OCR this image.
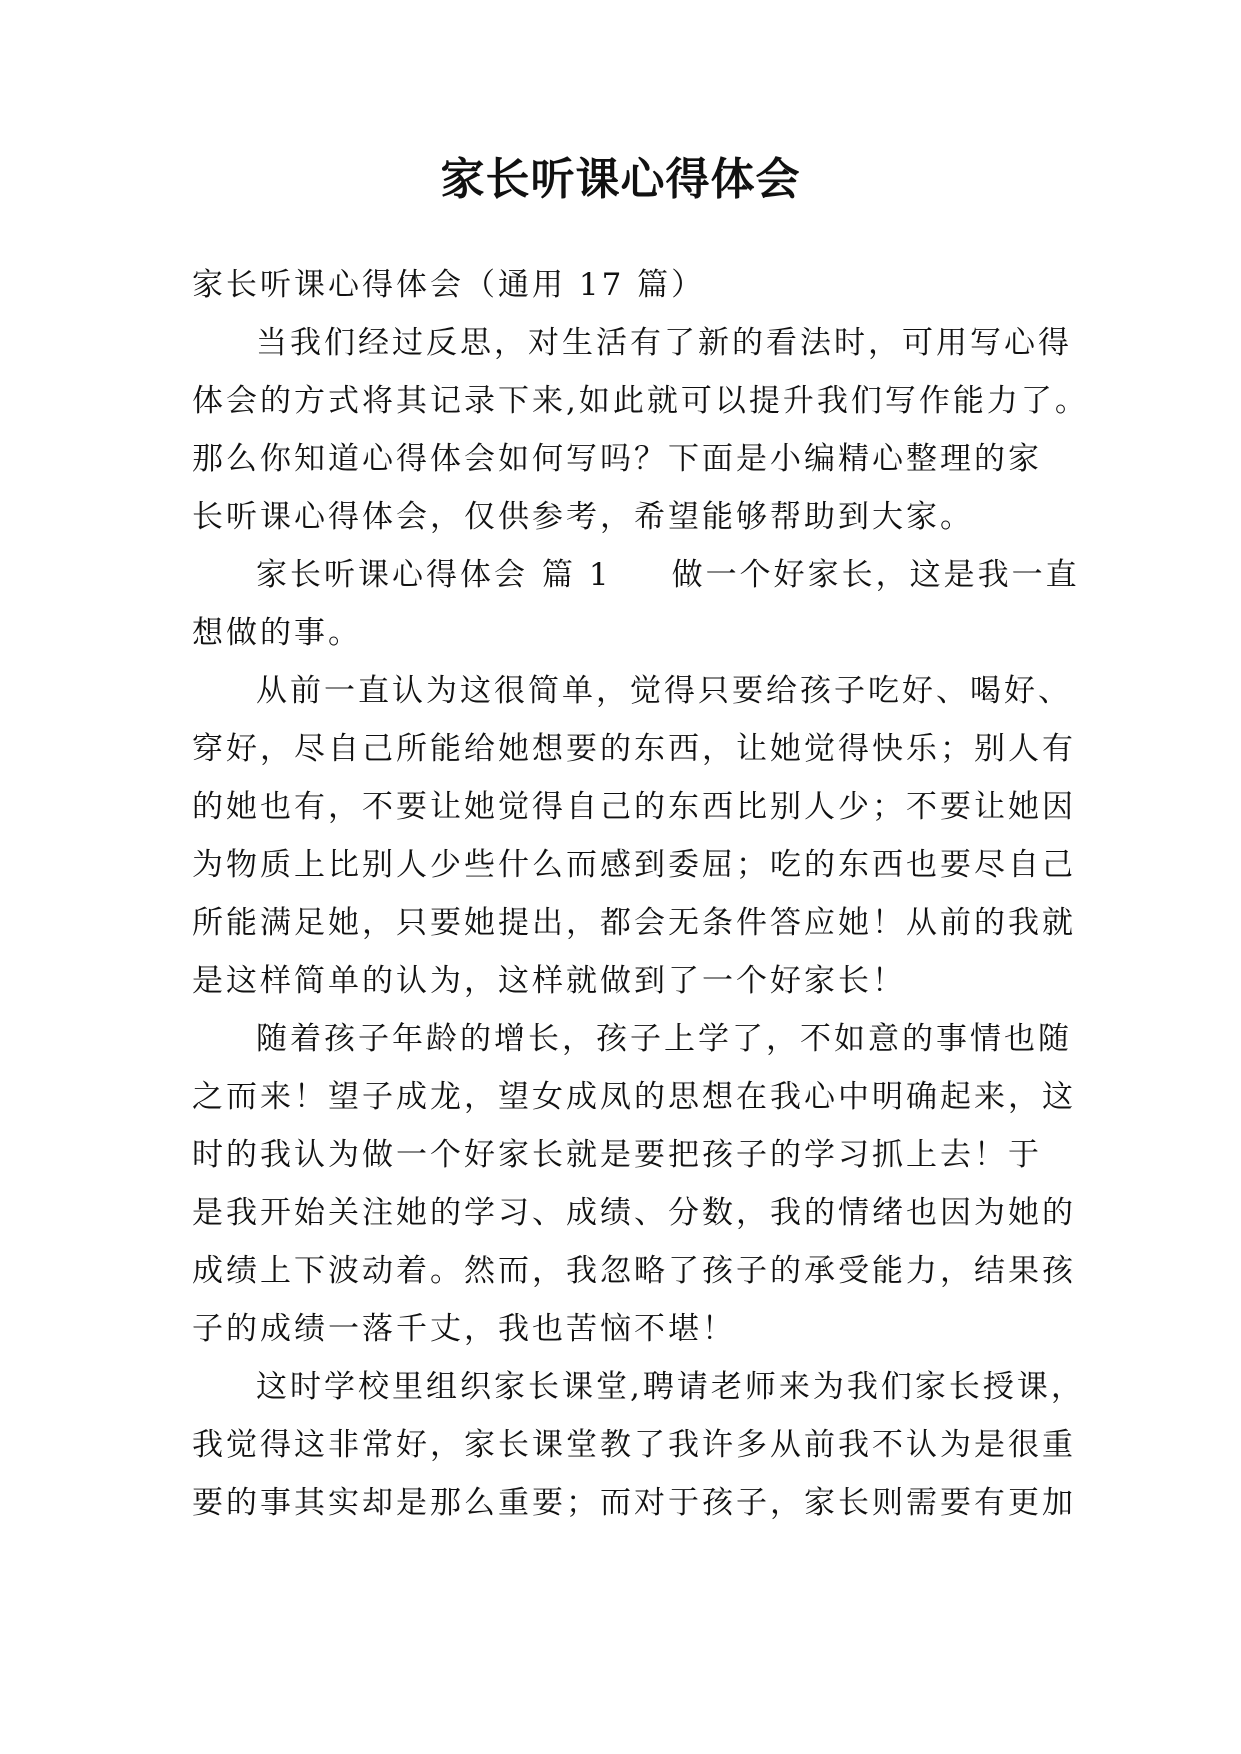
家长听课心得体会
家长听课心得体会（通用 17 篇）
当我们经过反思，对生活有了新的看法时，可用写心得
体会的方式将其记录下来,如此就可以提升我们写作能力了。
那么你知道心得体会如何写吗？下面是小编精心整理的家
长听课心得体会，仅供参考，希望能够帮助到大家。
家长听课心得体会 篇 1 做一个好家长，这是我一直
想做的事。
从前一直认为这很简单，觉得只要给孩子吃好、喝好、
穿好，尽自己所能给她想要的东西，让她觉得快乐；别人有
的她也有，不要让她觉得自己的东西比别人少；不要让她因
为物质上比别人少些什么而感到委屈；吃的东西也要尽自己
所能满足她，只要她提出，都会无条件答应她！从前的我就
是这样简单的认为，这样就做到了一个好家长！
随着孩子年龄的增长，孩子上学了，不如意的事情也随
之而来！望子成龙，望女成凤的思想在我心中明确起来，这
时的我认为做一个好家长就是要把孩子的学习抓上去！于
是我开始关注她的学习、成绩、分数，我的情绪也因为她的
成绩上下波动着。然而，我忽略了孩子的承受能力，结果孩
子的成绩一落千丈，我也苦恼不堪！
这时学校里组织家长课堂,聘请老师来为我们家长授课，
我觉得这非常好，家长课堂教了我许多从前我不认为是很重
要的事其实却是那么重要；而对于孩子，家长则需要有更加
